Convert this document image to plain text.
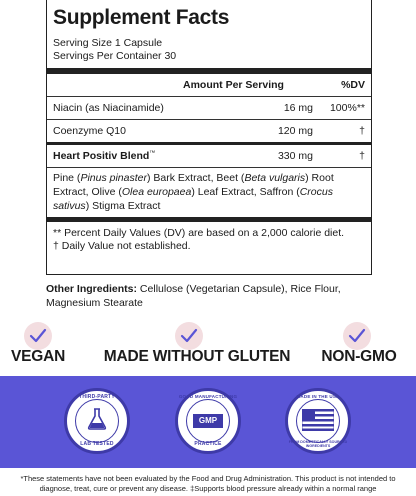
Supplement Facts
Serving Size 1 Capsule
Servings Per Container 30
Amount Per Serving	%DV
Niacin (as Niacinamide)	16 mg	100%**
Coenzyme Q10	120 mg	†
Heart Positiv Blend™	330 mg	†
Pine (Pinus pinaster) Bark Extract, Beet (Beta vulgaris) Root Extract, Olive (Olea europaea) Leaf Extract, Saffron (Crocus sativus) Stigma Extract
** Percent Daily Values (DV) are based on a 2,000 calorie diet.
† Daily Value not established.
Other Ingredients: Cellulose (Vegetarian Capsule), Rice Flour, Magnesium Stearate
VEGAN	MADE WITHOUT GLUTEN	NON-GMO
THIRD-PARTY
LAB TESTED
GOOD MANUFACTURING
GMP
PRACTICE
MADE IN THE USA
FROM DOMESTICALLY SOURCED INGREDIENTS
*These statements have not been evaluated by the Food and Drug Administration. This product is not intended to diagnose, treat, cure or prevent any disease. ‡Supports blood pressure already within a normal range
